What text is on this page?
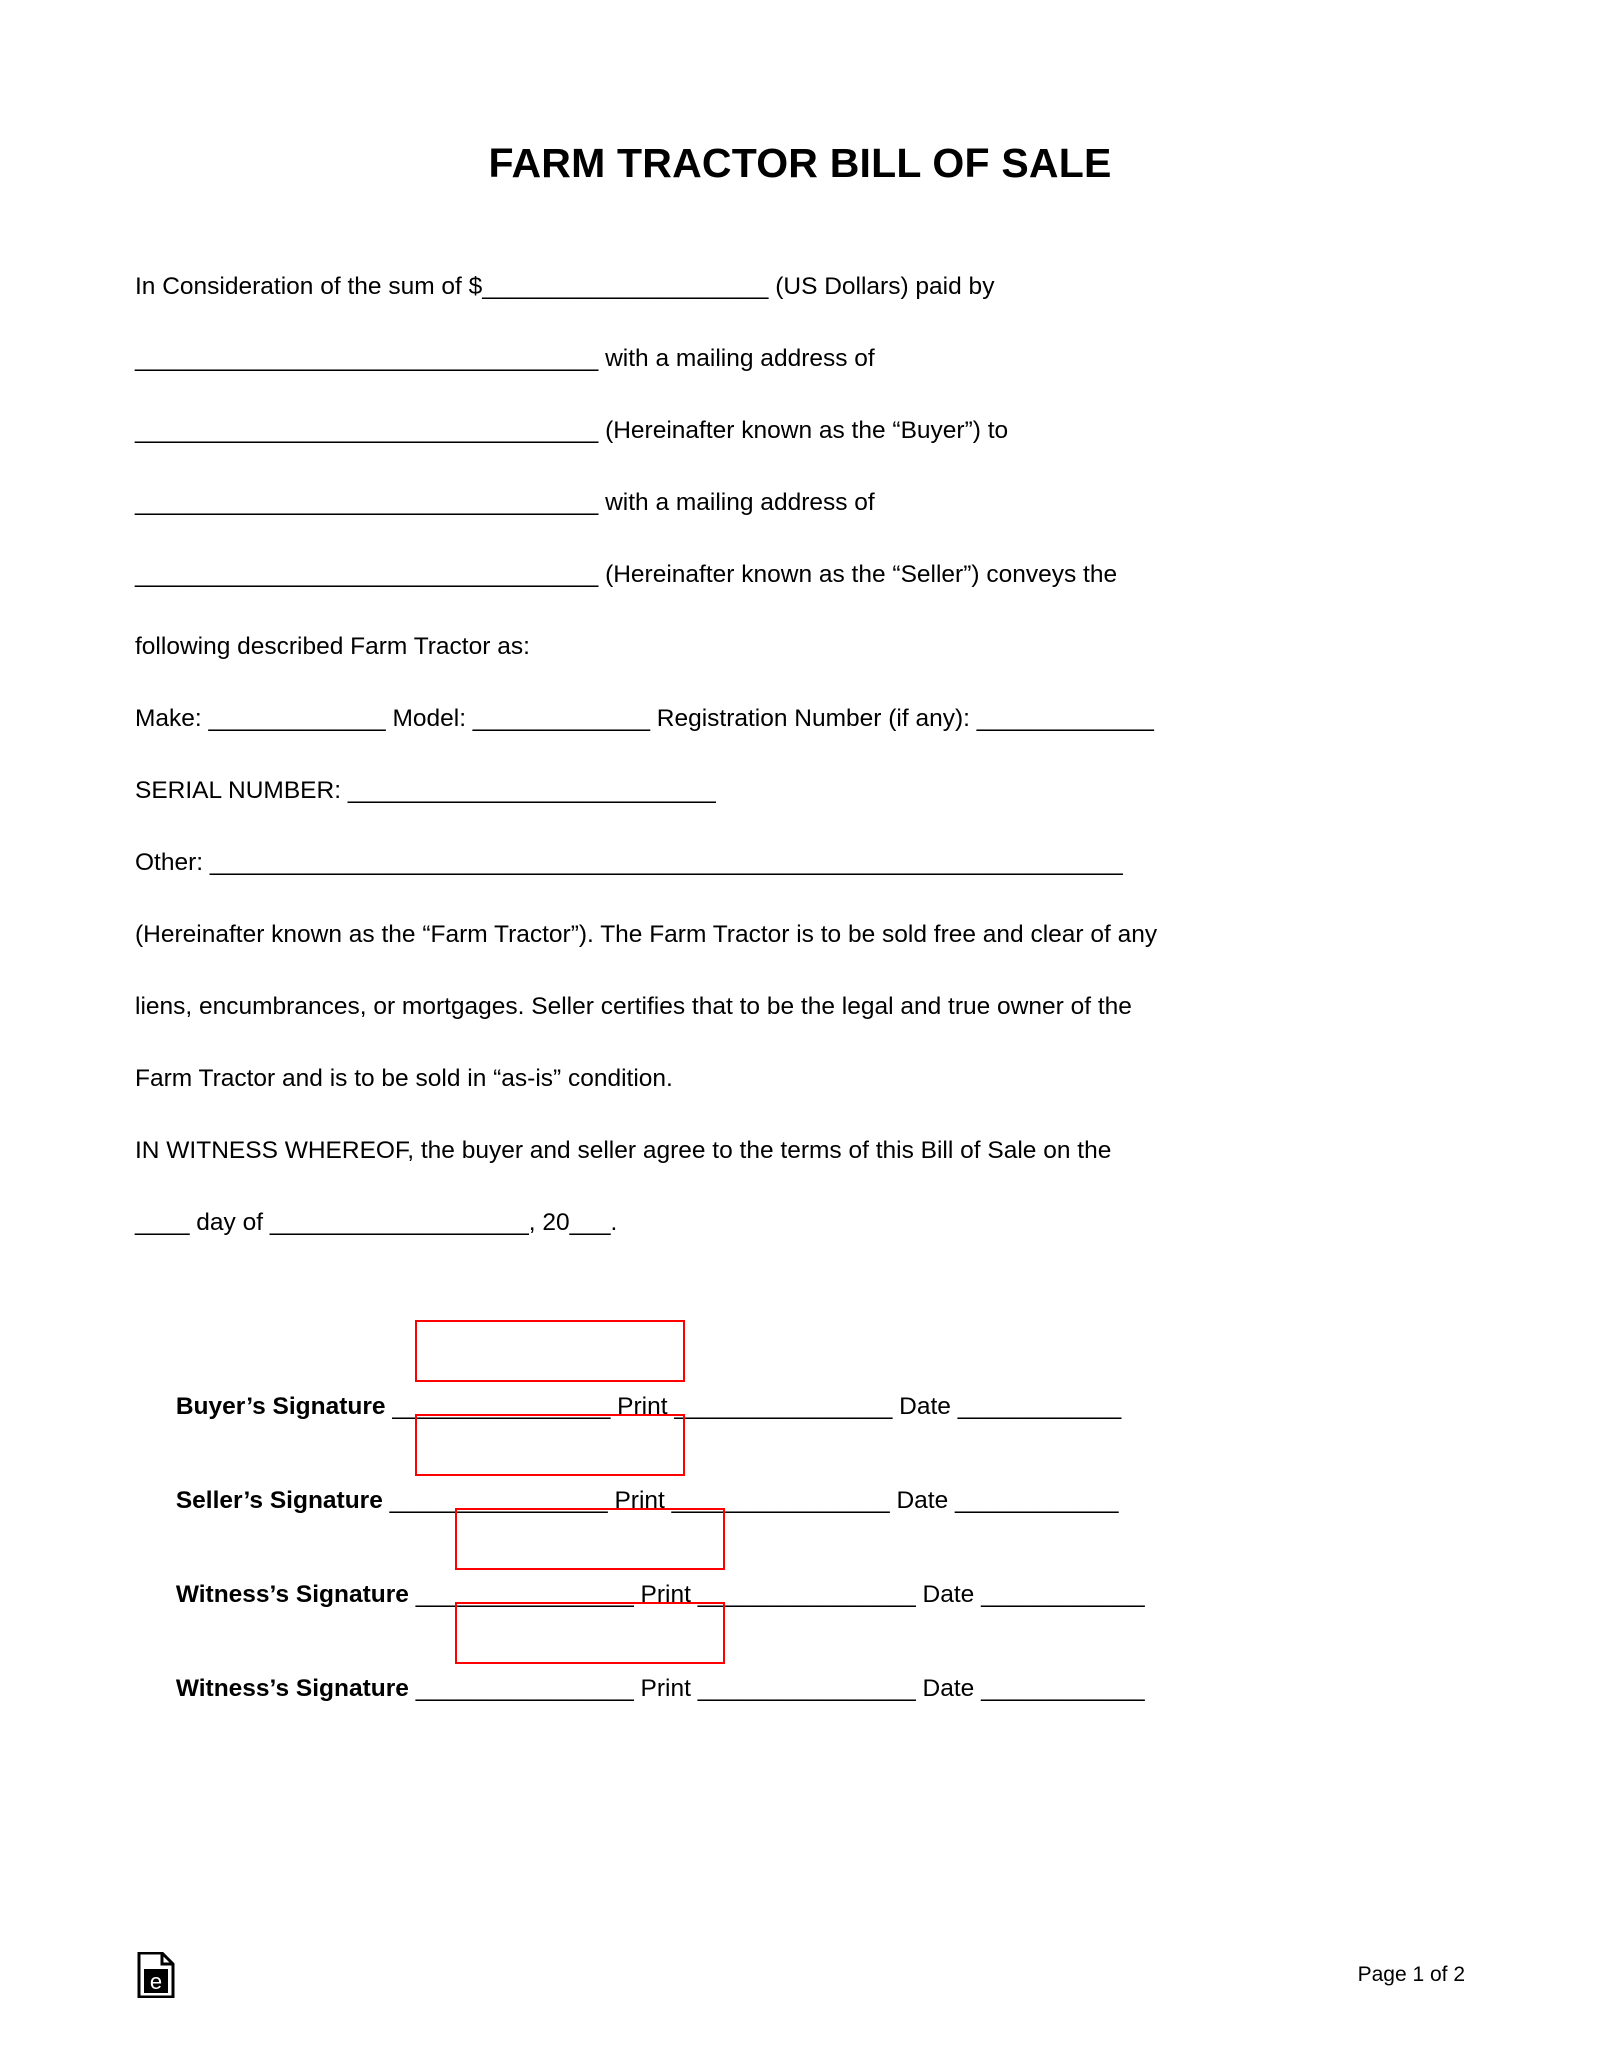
FARM TRACTOR BILL OF SALE
In Consideration of the sum of $_____________________ (US Dollars) paid by
__________________________________ with a mailing address of
__________________________________ (Hereinafter known as the “Buyer”) to
__________________________________ with a mailing address of
__________________________________ (Hereinafter known as the “Seller”) conveys the
following described Farm Tractor as:
Make: _____________ Model: _____________ Registration Number (if any): _____________
SERIAL NUMBER: ___________________________
Other: ___________________________________________________________________
(Hereinafter known as the “Farm Tractor”). The Farm Tractor is to be sold free and clear of any
liens, encumbrances, or mortgages. Seller certifies that to be the legal and true owner of the
Farm Tractor and is to be sold in “as-is” condition.
IN WITNESS WHEREOF, the buyer and seller agree to the terms of this Bill of Sale on the
____ day of ___________________, 20___.

Buyer’s Signature ________________ Print ________________ Date ____________

Seller’s Signature ________________ Print ________________ Date ____________

Witness’s Signature ________________ Print ________________ Date ____________

Witness’s Signature ________________ Print ________________ Date ____________

e	Page 1 of 2
